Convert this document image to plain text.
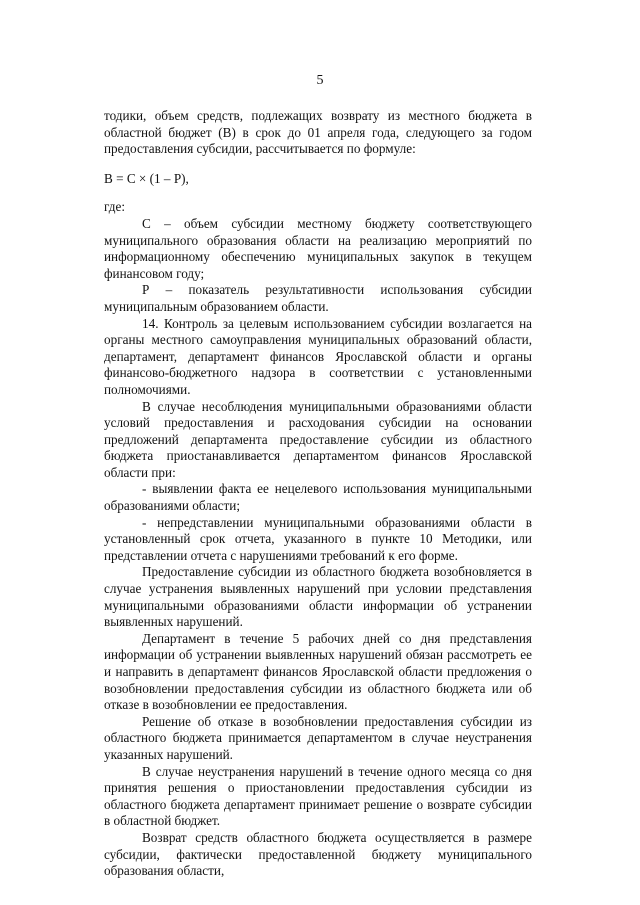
5

тодики, объем средств, подлежащих возврату из местного бюджета в областной бюджет (В) в срок до 01 апреля года, следующего за годом предоставления субсидии, рассчитывается по формуле:

В = С × (1 – Р),

где:

С – объем субсидии местному бюджету соответствующего муниципального образования области на реализацию мероприятий по информационному обеспечению муниципальных закупок в текущем финансовом году;

Р – показатель результативности использования субсидии муниципальным образованием области.

14. Контроль за целевым использованием субсидии возлагается на органы местного самоуправления муниципальных образований области, департамент, департамент финансов Ярославской области и органы финансово-бюджетного надзора в соответствии с установленными полномочиями.

В случае несоблюдения муниципальными образованиями области условий предоставления и расходования субсидии на основании предложений департамента предоставление субсидии из областного бюджета приостанавливается департаментом финансов Ярославской области при:

- выявлении факта ее нецелевого использования муниципальными образованиями области;

- непредставлении муниципальными образованиями области в установленный срок отчета, указанного в пункте 10 Методики, или представлении отчета с нарушениями требований к его форме.

Предоставление субсидии из областного бюджета возобновляется в случае устранения выявленных нарушений при условии представления муниципальными образованиями области информации об устранении выявленных нарушений.

Департамент в течение 5 рабочих дней со дня представления информации об устранении выявленных нарушений обязан рассмотреть ее и направить в департамент финансов Ярославской области предложения о возобновлении предоставления субсидии из областного бюджета или об отказе в возобновлении ее предоставления.

Решение об отказе в возобновлении предоставления субсидии из областного бюджета принимается департаментом в случае неустранения указанных нарушений.

В случае неустранения нарушений в течение одного месяца со дня принятия решения о приостановлении предоставления субсидии из областного бюджета департамент принимает решение о возврате субсидии в областной бюджет.

Возврат средств областного бюджета осуществляется в размере субсидии, фактически предоставленной бюджету муниципального образования области,
